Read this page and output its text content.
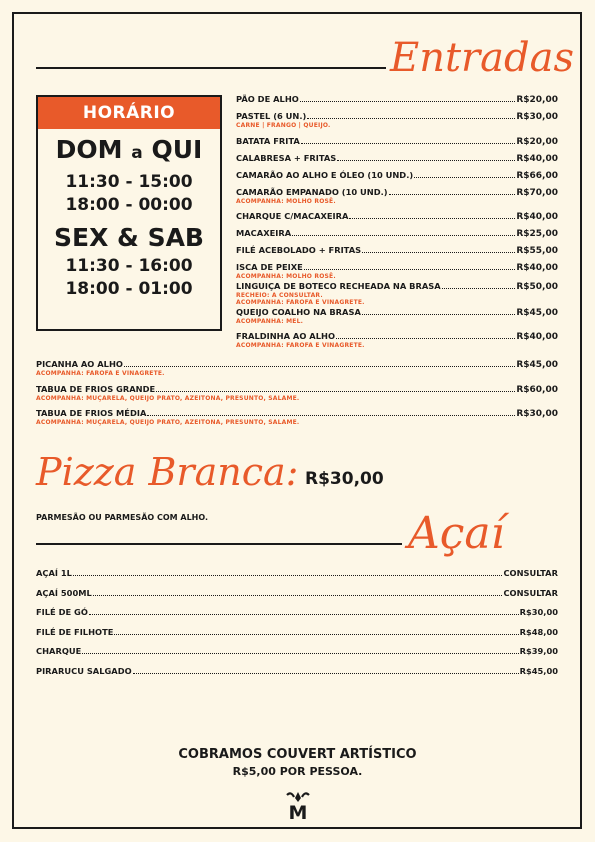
Entradas
HORÁRIO
DOM a QUI
11:30 - 15:00
18:00 - 00:00
SEX & SAB
11:30 - 16:00
18:00 - 01:00
PÃO DE ALHO	R$20,00
PASTEL (6 UN.)	R$30,00
CARNE | FRANGO | QUEIJO.
BATATA FRITA	R$20,00
CALABRESA + FRITAS	R$40,00
CAMARÃO AO ALHO E ÓLEO (10 UND.)	R$66,00
CAMARÃO EMPANADO (10 UND.)	R$70,00
ACOMPANHA: MOLHO ROSÊ.
CHARQUE C/MACAXEIRA	R$40,00
MACAXEIRA	R$25,00
FILÉ ACEBOLADO + FRITAS	R$55,00
ISCA DE PEIXE	R$40,00
ACOMPANHA: MOLHO ROSÊ.
LINGUIÇA DE BOTECO RECHEADA NA BRASA	R$50,00
RECHEIO: A CONSULTAR.
ACOMPANHA: FAROFA E VINAGRETE.
QUEIJO COALHO NA BRASA	R$45,00
ACOMPANHA: MEL.
FRALDINHA AO ALHO	R$40,00
ACOMPANHA: FAROFA E VINAGRETE.
PICANHA AO ALHO	R$45,00
ACOMPANHA: FAROFA E VINAGRETE.
TABUA DE FRIOS GRANDE	R$60,00
ACOMPANHA: MUÇARELA, QUEIJO PRATO, AZEITONA, PRESUNTO, SALAME.
TABUA DE FRIOS MÉDIA	R$30,00
ACOMPANHA: MUÇARELA, QUEIJO PRATO, AZEITONA, PRESUNTO, SALAME.
Pizza Branca: R$30,00
PARMESÃO OU PARMESÃO COM ALHO.	Açaí
AÇAÍ 1L	CONSULTAR
AÇAÍ 500ML	CONSULTAR
FILÉ DE GÓ	R$30,00
FILÉ DE FILHOTE	R$48,00
CHARQUE	R$39,00
PIRARUCU SALGADO	R$45,00
COBRAMOS COUVERT ARTÍSTICO
R$5,00 POR PESSOA.
M
